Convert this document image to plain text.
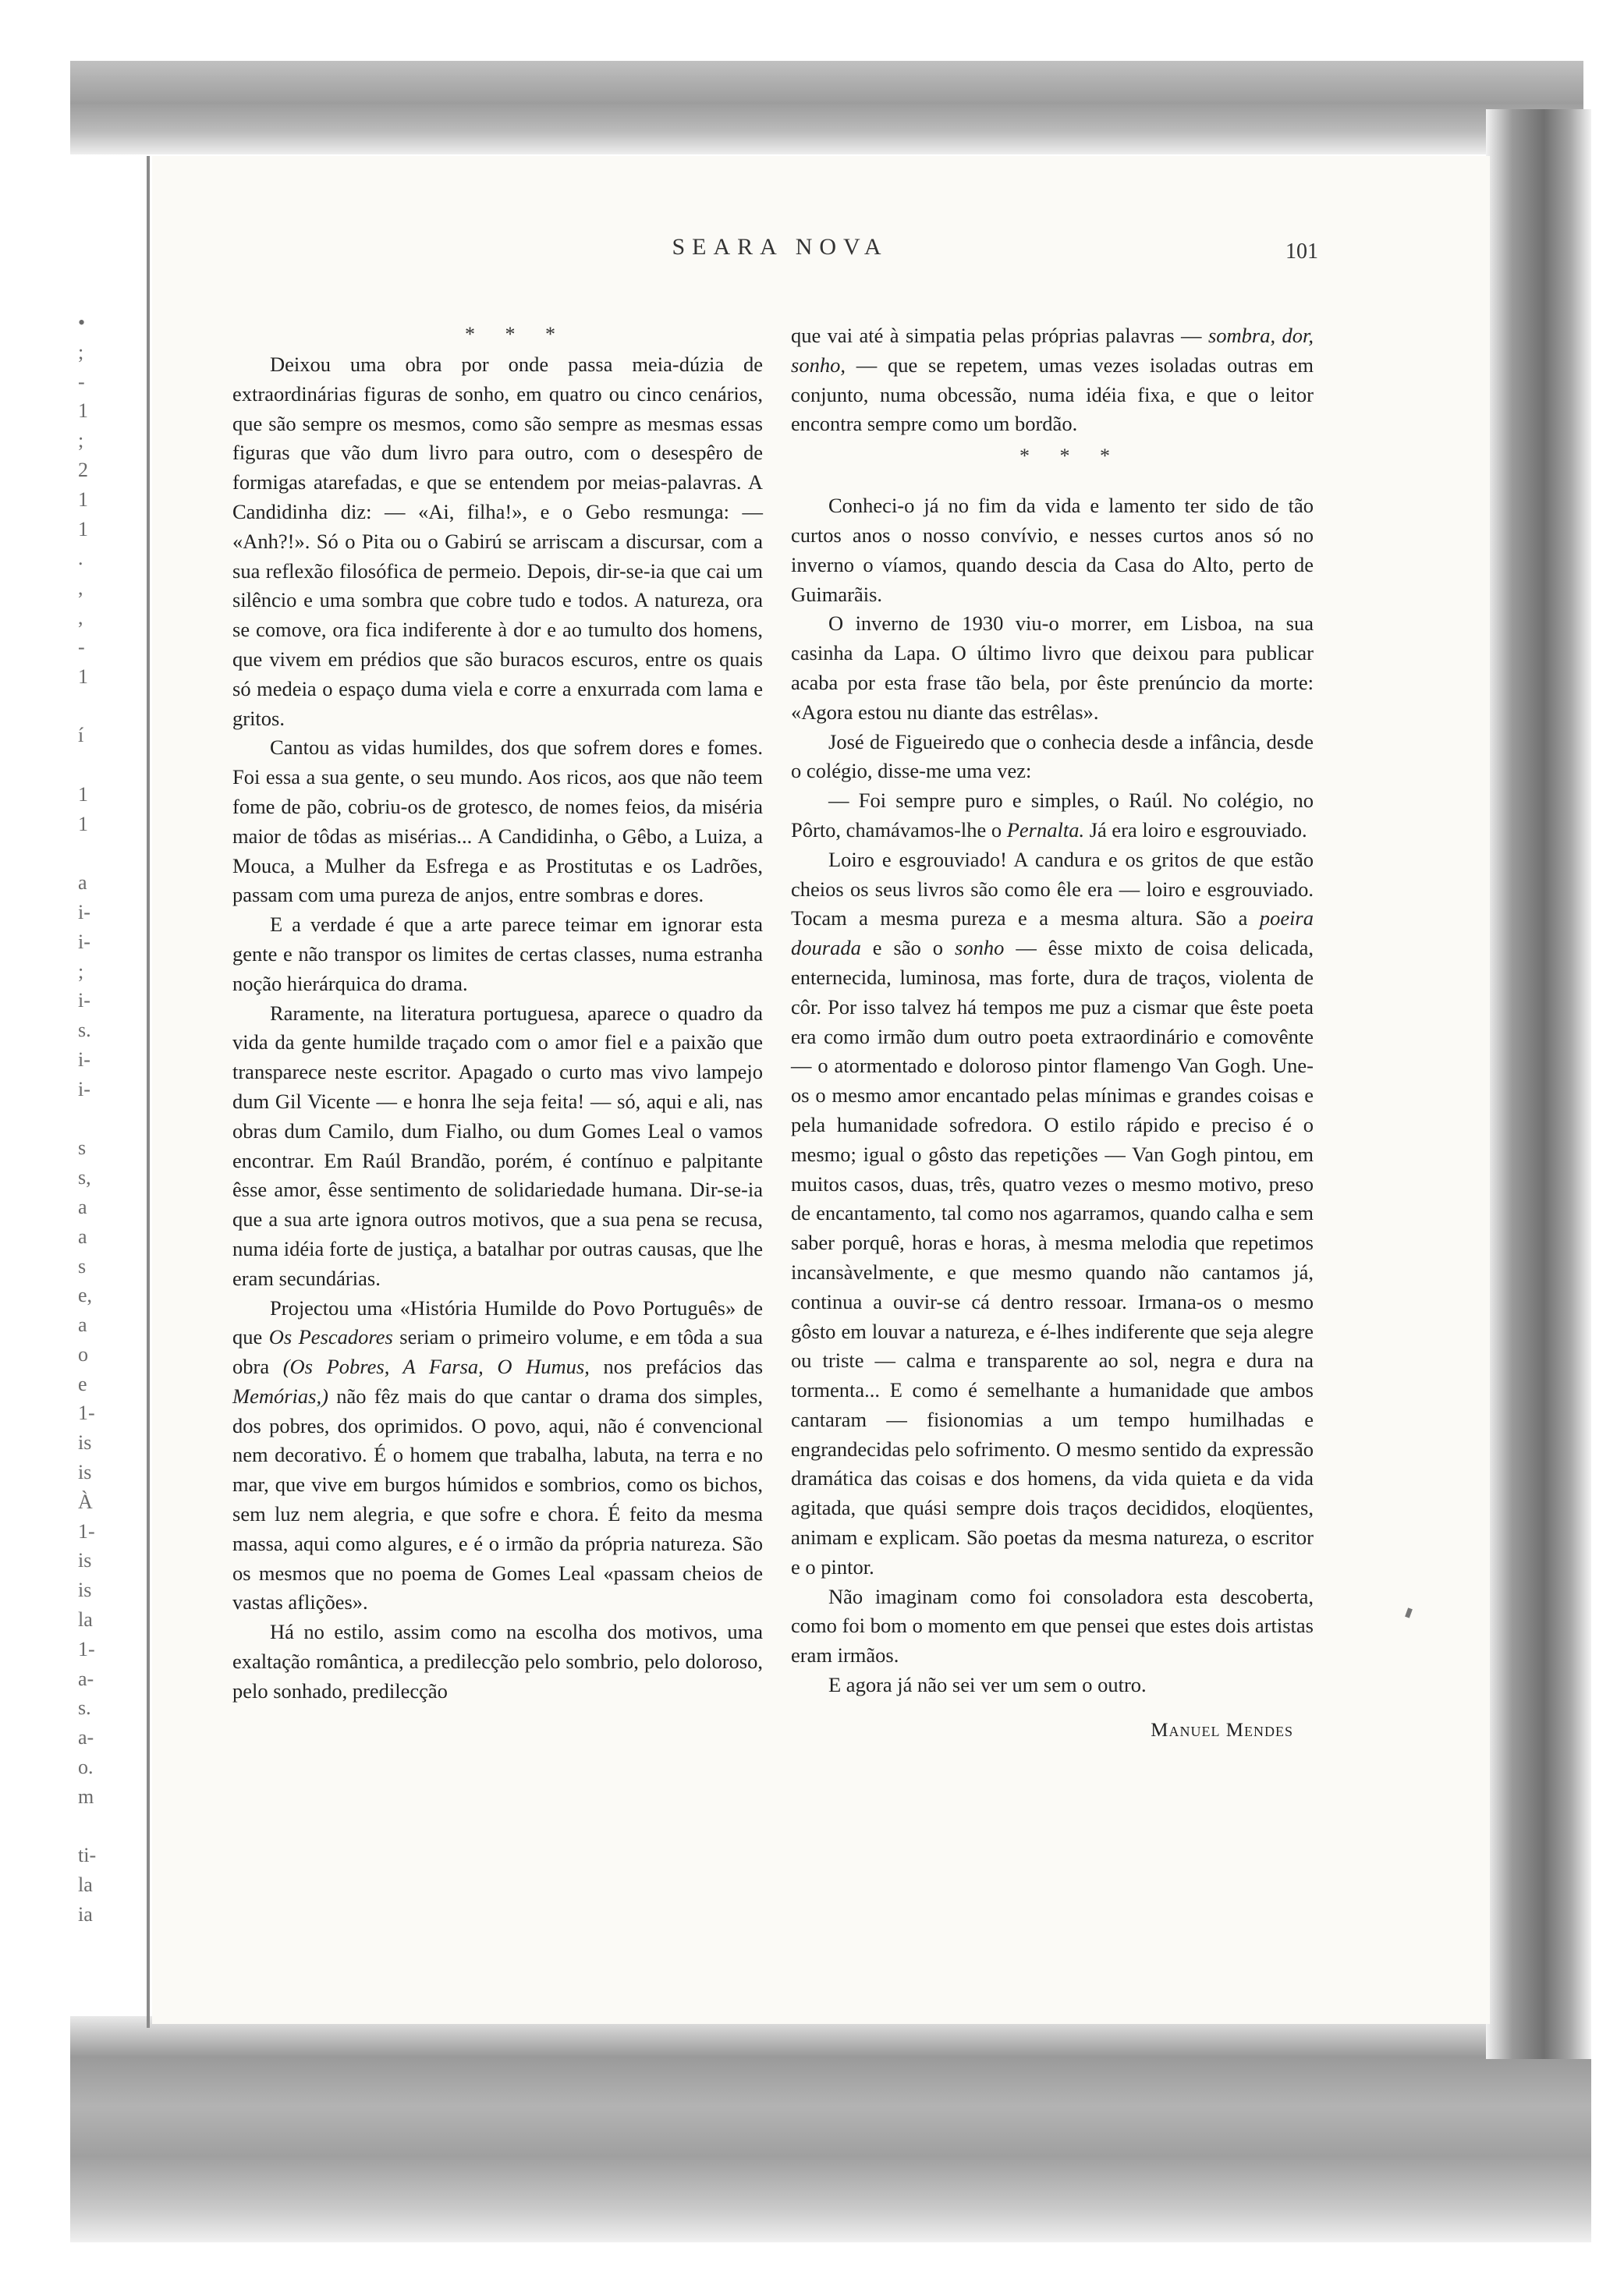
•
;
-
1
;
2
1
1
.
,
,
-
1

í

1
1

a
i-
i-
;
i-
s.
i-
i-

s
s,
a
a
s
e,
a
o
e
1-
is
is
À
1-
is
is
la
1-
a-
s.
a-
o.
m

ti-
la
ia
SEARA NOVA	101

* * *

Deixou uma obra por onde passa meia-dúzia de extraordinárias figuras de sonho, em quatro ou cinco cenários, que são sempre os mesmos, como são sempre as mesmas essas figuras que vão dum livro para outro, com o desespêro de formigas atarefadas, e que se entendem por meias-palavras. A Candidinha diz: — «Ai, filha!», e o Gebo resmunga: — «Anh?!». Só o Pita ou o Gabirú se arriscam a discursar, com a sua reflexão filosófica de permeio. Depois, dir-se-ia que cai um silêncio e uma sombra que cobre tudo e todos. A natureza, ora se comove, ora fica indiferente à dor e ao tumulto dos homens, que vivem em prédios que são buracos escuros, entre os quais só medeia o espaço duma viela e corre a enxurrada com lama e gritos.

Cantou as vidas humildes, dos que sofrem dores e fomes. Foi essa a sua gente, o seu mundo. Aos ricos, aos que não teem fome de pão, cobriu-os de grotesco, de nomes feios, da miséria maior de tôdas as misérias... A Candidinha, o Gêbo, a Luiza, a Mouca, a Mulher da Esfrega e as Prostitutas e os Ladrões, passam com uma pureza de anjos, entre sombras e dores.

E a verdade é que a arte parece teimar em ignorar esta gente e não transpor os limites de certas classes, numa estranha noção hierárquica do drama.

Raramente, na literatura portuguesa, aparece o quadro da vida da gente humilde traçado com o amor fiel e a paixão que transparece neste escritor. Apagado o curto mas vivo lampejo dum Gil Vicente — e honra lhe seja feita! — só, aqui e ali, nas obras dum Camilo, dum Fialho, ou dum Gomes Leal o vamos encontrar. Em Raúl Brandão, porém, é contínuo e palpitante êsse amor, êsse sentimento de solidariedade humana. Dir-se-ia que a sua arte ignora outros motivos, que a sua pena se recusa, numa idéia forte de justiça, a batalhar por outras causas, que lhe eram secundárias.

Projectou uma «História Humilde do Povo Português» de que Os Pescadores seriam o primeiro volume, e em tôda a sua obra (Os Pobres, A Farsa, O Humus, nos prefácios das Memórias,) não fêz mais do que cantar o drama dos simples, dos pobres, dos oprimidos. O povo, aqui, não é convencional nem decorativo. É o homem que trabalha, labuta, na terra e no mar, que vive em burgos húmidos e sombrios, como os bichos, sem luz nem alegria, e que sofre e chora. É feito da mesma massa, aqui como algures, e é o irmão da própria natureza. São os mesmos que no poema de Gomes Leal «passam cheios de vastas aflições».

Há no estilo, assim como na escolha dos motivos, uma exaltação romântica, a predilecção pelo sombrio, pelo doloroso, pelo sonhado, predilecção

que vai até à simpatia pelas próprias palavras — sombra, dor, sonho, — que se repetem, umas vezes isoladas outras em conjunto, numa obcessão, numa idéia fixa, e que o leitor encontra sempre como um bordão.

* * *

Conheci-o já no fim da vida e lamento ter sido de tão curtos anos o nosso convívio, e nesses curtos anos só no inverno o víamos, quando descia da Casa do Alto, perto de Guimarãis.

O inverno de 1930 viu-o morrer, em Lisboa, na sua casinha da Lapa. O último livro que deixou para publicar acaba por esta frase tão bela, por êste prenúncio da morte: «Agora estou nu diante das estrêlas».

José de Figueiredo que o conhecia desde a infância, desde o colégio, disse-me uma vez:

— Foi sempre puro e simples, o Raúl. No colégio, no Pôrto, chamávamos-lhe o Pernalta. Já era loiro e esgrouviado.

Loiro e esgrouviado! A candura e os gritos de que estão cheios os seus livros são como êle era — loiro e esgrouviado. Tocam a mesma pureza e a mesma altura. São a poeira dourada e são o sonho — êsse mixto de coisa delicada, enternecida, luminosa, mas forte, dura de traços, violenta de côr. Por isso talvez há tempos me puz a cismar que êste poeta era como irmão dum outro poeta extraordinário e comovênte — o atormentado e doloroso pintor flamengo Van Gogh. Une-os o mesmo amor encantado pelas mínimas e grandes coisas e pela humanidade sofredora. O estilo rápido e preciso é o mesmo; igual o gôsto das repetições — Van Gogh pintou, em muitos casos, duas, três, quatro vezes o mesmo motivo, preso de encantamento, tal como nos agarramos, quando calha e sem saber porquê, horas e horas, à mesma melodia que repetimos incansàvelmente, e que mesmo quando não cantamos já, continua a ouvir-se cá dentro ressoar. Irmana-os o mesmo gôsto em louvar a natureza, e é-lhes indiferente que seja alegre ou triste — calma e transparente ao sol, negra e dura na tormenta... E como é semelhante a humanidade que ambos cantaram — fisionomias a um tempo humilhadas e engrandecidas pelo sofrimento. O mesmo sentido da expressão dramática das coisas e dos homens, da vida quieta e da vida agitada, que quási sempre dois traços decididos, eloqüentes, animam e explicam. São poetas da mesma natureza, o escritor e o pintor.

Não imaginam como foi consoladora esta descoberta, como foi bom o momento em que pensei que estes dois artistas eram irmãos.

E agora já não sei ver um sem o outro.

Manuel Mendes
